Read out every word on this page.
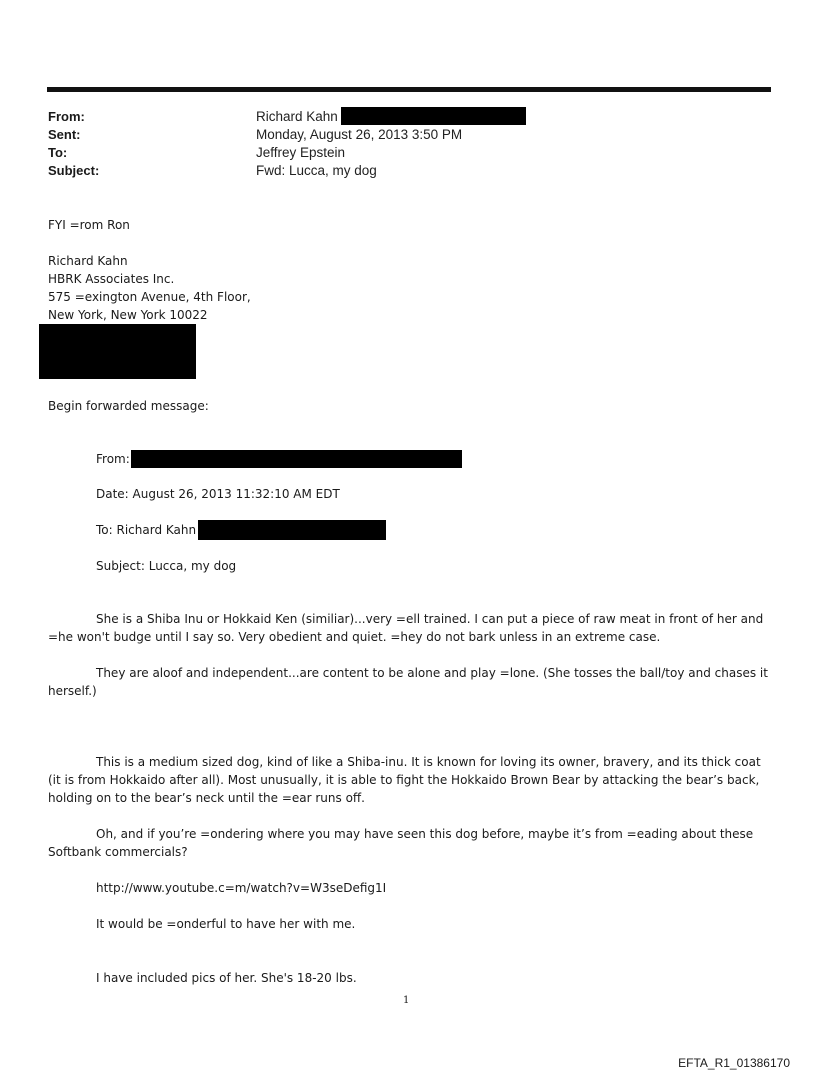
From:
Sent:
To:
Subject:
Richard Kahn
Monday, August 26, 2013 3:50 PM
Jeffrey Epstein
Fwd: Lucca, my dog
FYI =rom Ron
Richard Kahn
HBRK Associates Inc.
575 =exington Avenue, 4th Floor,
New York, New York 10022
Begin forwarded message:
From:
Date: August 26, 2013 11:32:10 AM EDT
To: Richard Kahn
Subject: Lucca, my dog
She is a Shiba Inu or Hokkaid Ken (similiar)...very =ell trained. I can put a piece of raw meat in front of her and =he won't budge until I say so. Very obedient and quiet. =hey do not bark unless in an extreme case.
They are aloof and independent...are content to be alone and play =lone. (She tosses the ball/toy and chases it herself.)
This is a medium sized dog, kind of like a Shiba-inu. It is known for loving its owner, bravery, and its thick coat (it is from Hokkaido after all). Most unusually, it is able to fight the Hokkaido Brown Bear by attacking the bear’s back, holding on to the bear’s neck until the =ear runs off.
Oh, and if you’re =ondering where you may have seen this dog before, maybe it’s from =eading about these Softbank commercials?
http://www.youtube.c=m/watch?v=W3seDefig1I
It would be =onderful to have her with me.
I have included pics of her. She's 18-20 lbs.
1
EFTA_R1_01386170
